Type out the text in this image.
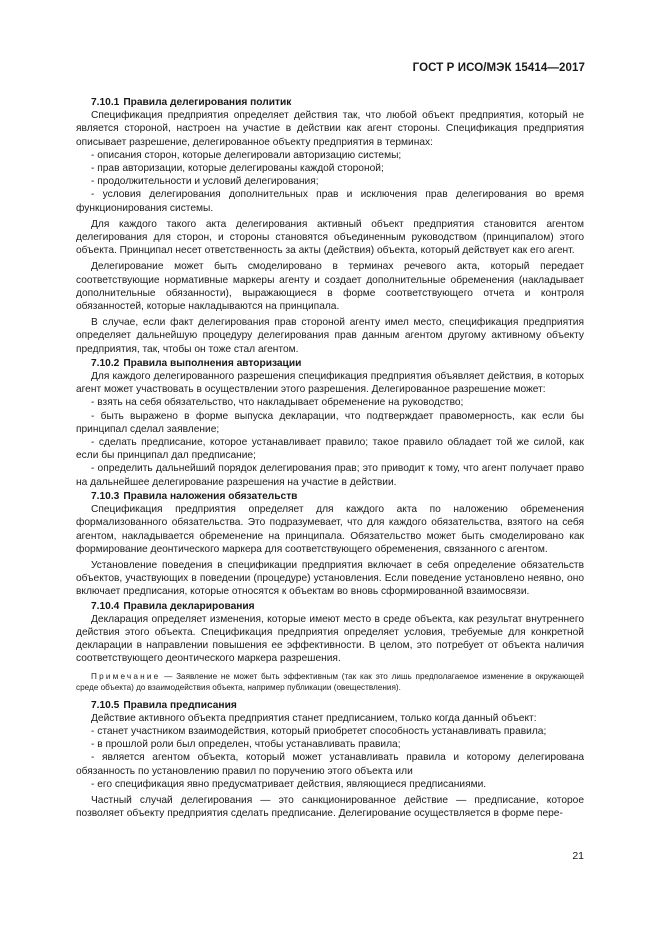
ГОСТ Р ИСО/МЭК 15414—2017

7.10.1 Правила делегирования политик

Спецификация предприятия определяет действия так, что любой объект предприятия, который не является стороной, настроен на участие в действии как агент стороны. Спецификация предприятия описывает разрешение, делегированное объекту предприятия в терминах:

- описания сторон, которые делегировали авторизацию системы;

- прав авторизации, которые делегированы каждой стороной;

- продолжительности и условий делегирования;

- условия делегирования дополнительных прав и исключения прав делегирования во время функционирования системы.

Для каждого такого акта делегирования активный объект предприятия становится агентом делегирования для сторон, и стороны становятся объединенным руководством (принципалом) этого объекта. Принципал несет ответственность за акты (действия) объекта, который действует как его агент.

Делегирование может быть смоделировано в терминах речевого акта, который передает соответствующие нормативные маркеры агенту и создает дополнительные обременения (накладывает дополнительные обязанности), выражающиеся в форме соответствующего отчета и контроля обязанностей, которые накладываются на принципала.

В случае, если факт делегирования прав стороной агенту имел место, спецификация предприятия определяет дальнейшую процедуру делегирования прав данным агентом другому активному объекту предприятия, так, чтобы он тоже стал агентом.

7.10.2 Правила выполнения авторизации

Для каждого делегированного разрешения спецификация предприятия объявляет действия, в которых агент может участвовать в осуществлении этого разрешения. Делегированное разрешение может:

- взять на себя обязательство, что накладывает обременение на руководство;

- быть выражено в форме выпуска декларации, что подтверждает правомерность, как если бы принципал сделал заявление;

- сделать предписание, которое устанавливает правило; такое правило обладает той же силой, как если бы принципал дал предписание;

- определить дальнейший порядок делегирования прав; это приводит к тому, что агент получает право на дальнейшее делегирование разрешения на участие в действии.

7.10.3 Правила наложения обязательств

Спецификация предприятия определяет для каждого акта по наложению обременения формализованного обязательства. Это подразумевает, что для каждого обязательства, взятого на себя агентом, накладывается обременение на принципала. Обязательство может быть смоделировано как формирование деонтического маркера для соответствующего обременения, связанного с агентом.

Установление поведения в спецификации предприятия включает в себя определение обязательств объектов, участвующих в поведении (процедуре) установления. Если поведение установлено неявно, оно включает предписания, которые относятся к объектам во вновь сформированной взаимосвязи.

7.10.4 Правила декларирования

Декларация определяет изменения, которые имеют место в среде объекта, как результат внутреннего действия этого объекта. Спецификация предприятия определяет условия, требуемые для конкретной декларации в направлении повышения ее эффективности. В целом, это потребует от объекта наличия соответствующего деонтического маркера разрешения.

Примечание — Заявление не может быть эффективным (так как это лишь предполагаемое изменение в окружающей среде объекта) до взаимодействия объекта, например публикации (овеществления).

7.10.5 Правила предписания

Действие активного объекта предприятия станет предписанием, только когда данный объект:

- станет участником взаимодействия, который приобретет способность устанавливать правила;

- в прошлой роли был определен, чтобы устанавливать правила;

- является агентом объекта, который может устанавливать правила и которому делегирована обязанность по установлению правил по поручению этого объекта или

- его спецификация явно предусматривает действия, являющиеся предписаниями.

Частный случай делегирования — это санкционированное действие — предписание, которое позволяет объекту предприятия сделать предписание. Делегирование осуществляется в форме пере-

21
